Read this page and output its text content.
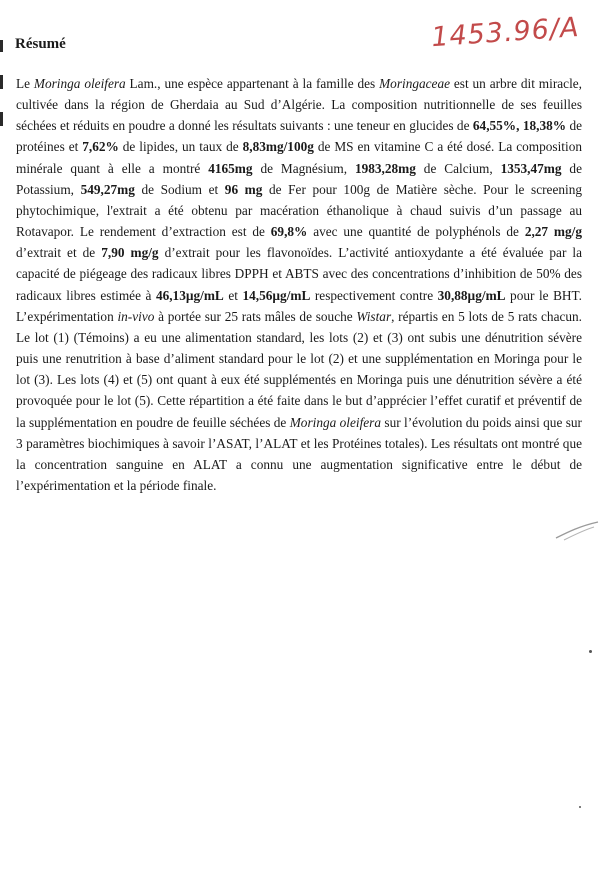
1453.96/A
Résumé

Le Moringa oleifera Lam., une espèce appartenant à la famille des Moringaceae est un arbre dit miracle, cultivée dans la région de Gherdaia au Sud d’Algérie. La composition nutritionnelle de ses feuilles séchées et réduits en poudre a donné les résultats suivants : une teneur en glucides de 64,55%, 18,38% de protéines et 7,62% de lipides, un taux de 8,83mg/100g de MS en vitamine C a été dosé. La composition minérale quant à elle a montré 4165mg de Magnésium, 1983,28mg de Calcium, 1353,47mg de Potassium, 549,27mg de Sodium et 96 mg de Fer pour 100g de Matière sèche. Pour le screening phytochimique, l'extrait a été obtenu par macération éthanolique à chaud suivis d’un passage au Rotavapor. Le rendement d’extraction est de 69,8% avec une quantité de polyphénols de 2,27 mg/g d’extrait et de 7,90 mg/g d’extrait pour les flavonoïdes. L’activité antioxydante a été évaluée par la capacité de piégeage des radicaux libres DPPH et ABTS avec des concentrations d’inhibition de 50% des radicaux libres estimée à 46,13µg/mL et 14,56µg/mL respectivement contre 30,88µg/mL pour le BHT. L’expérimentation in-vivo à portée sur 25 rats mâles de souche Wistar, répartis en 5 lots de 5 rats chacun. Le lot (1) (Témoins) a eu une alimentation standard, les lots (2) et (3) ont subis une dénutrition sévère puis une renutrition à base d’aliment standard pour le lot (2) et une supplémentation en Moringa pour le lot (3). Les lots (4) et (5) ont quant à eux été supplémentés en Moringa puis une dénutrition sévère a été provoquée pour le lot (5). Cette répartition a été faite dans le but d’apprécier l’effet curatif et préventif de la supplémentation en poudre de feuille séchées de Moringa oleifera sur l’évolution du poids ainsi que sur 3 paramètres biochimiques à savoir l’ASAT, l’ALAT et les Protéines totales). Les résultats ont montré que la concentration sanguine en ALAT a connu une augmentation significative entre le début de l’expérimentation et la période finale.
